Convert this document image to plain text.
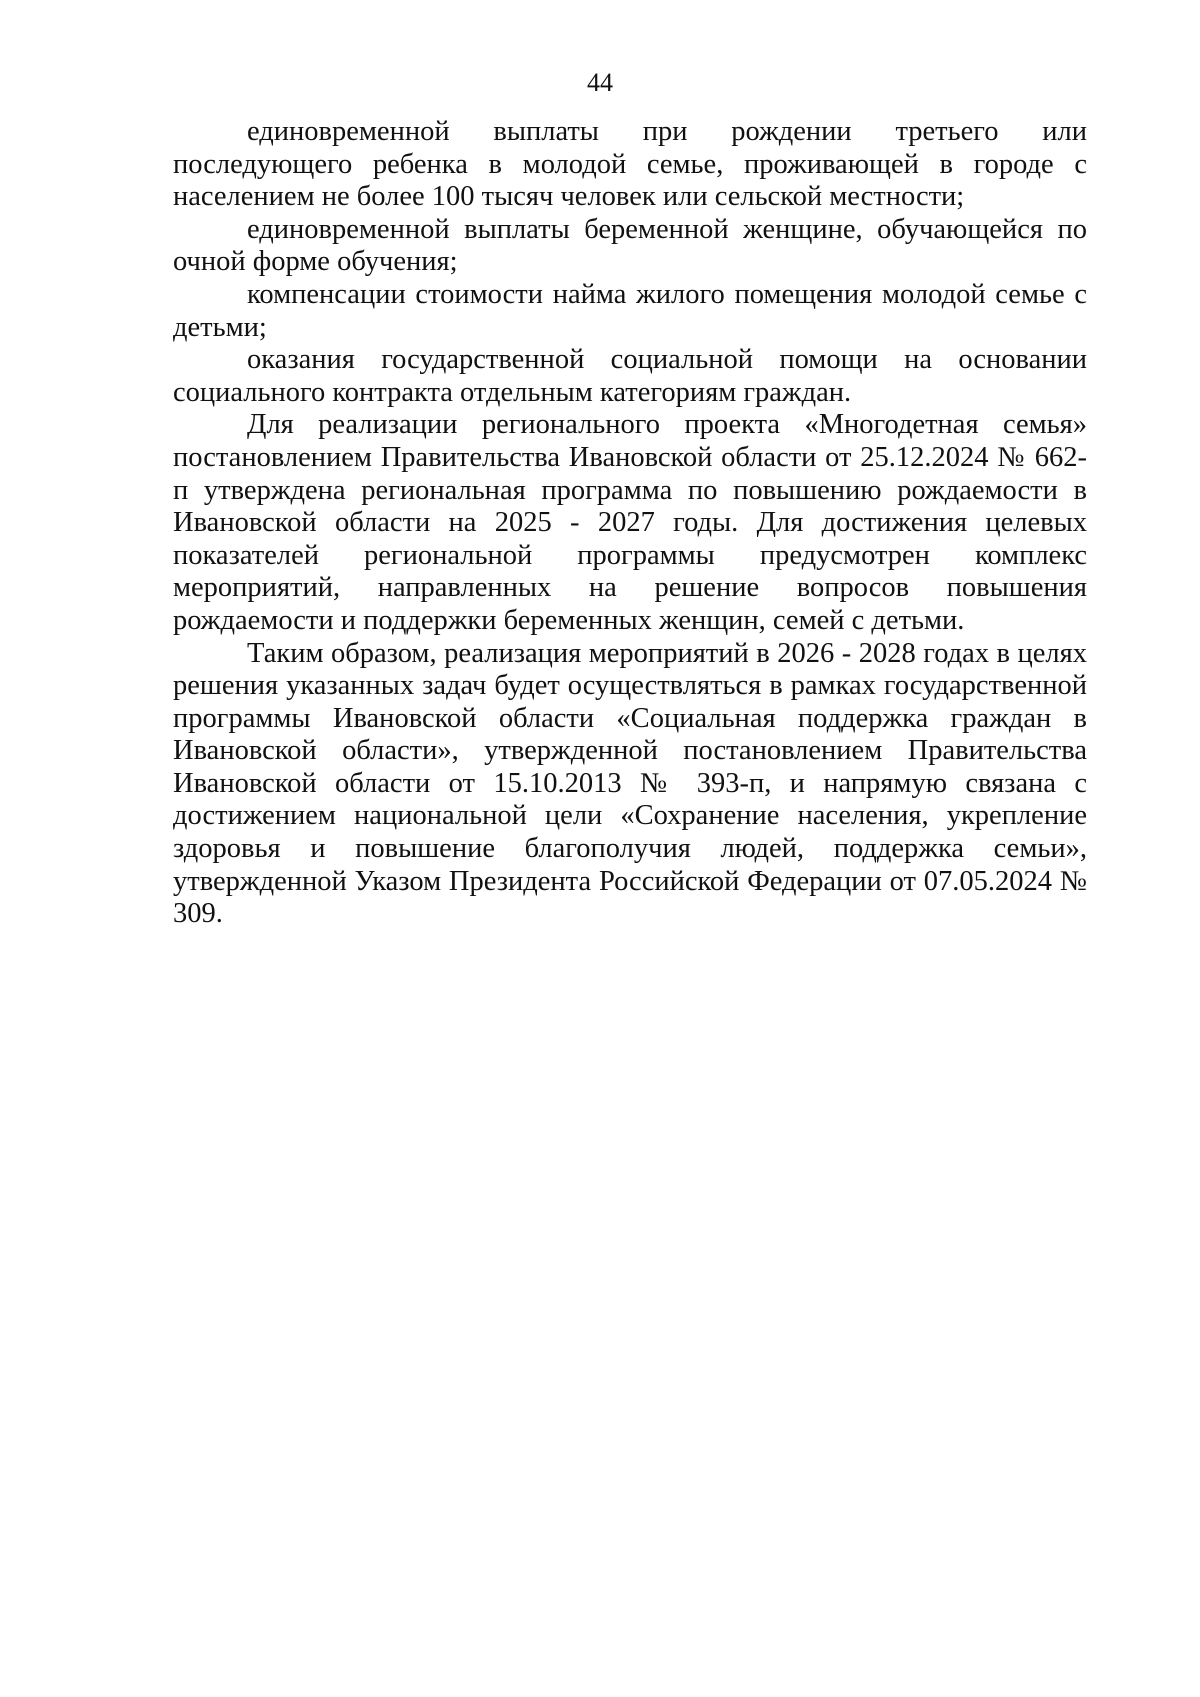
44

единовременной выплаты при рождении третьего или последующего ребенка в молодой семье, проживающей в городе с населением не более 100 тысяч человек или сельской местности;

единовременной выплаты беременной женщине, обучающейся по очной форме обучения;

компенсации стоимости найма жилого помещения молодой семье с детьми;

оказания государственной социальной помощи на основании социального контракта отдельным категориям граждан.

Для реализации регионального проекта «Многодетная семья» постановлением Правительства Ивановской области от 25.12.2024 № 662-п утверждена региональная программа по повышению рождаемости в Ивановской области на 2025 - 2027 годы. Для достижения целевых показателей региональной программы предусмотрен комплекс мероприятий, направленных на решение вопросов повышения рождаемости и поддержки беременных женщин, семей с детьми.

Таким образом, реализация мероприятий в 2026 - 2028 годах в целях решения указанных задач будет осуществляться в рамках государственной программы Ивановской области «Социальная поддержка граждан в Ивановской области», утвержденной постановлением Правительства Ивановской области от 15.10.2013 № 393-п, и напрямую связана с достижением национальной цели «Сохранение населения, укрепление здоровья и повышение благополучия людей, поддержка семьи», утвержденной Указом Президента Российской Федерации от 07.05.2024 № 309.
